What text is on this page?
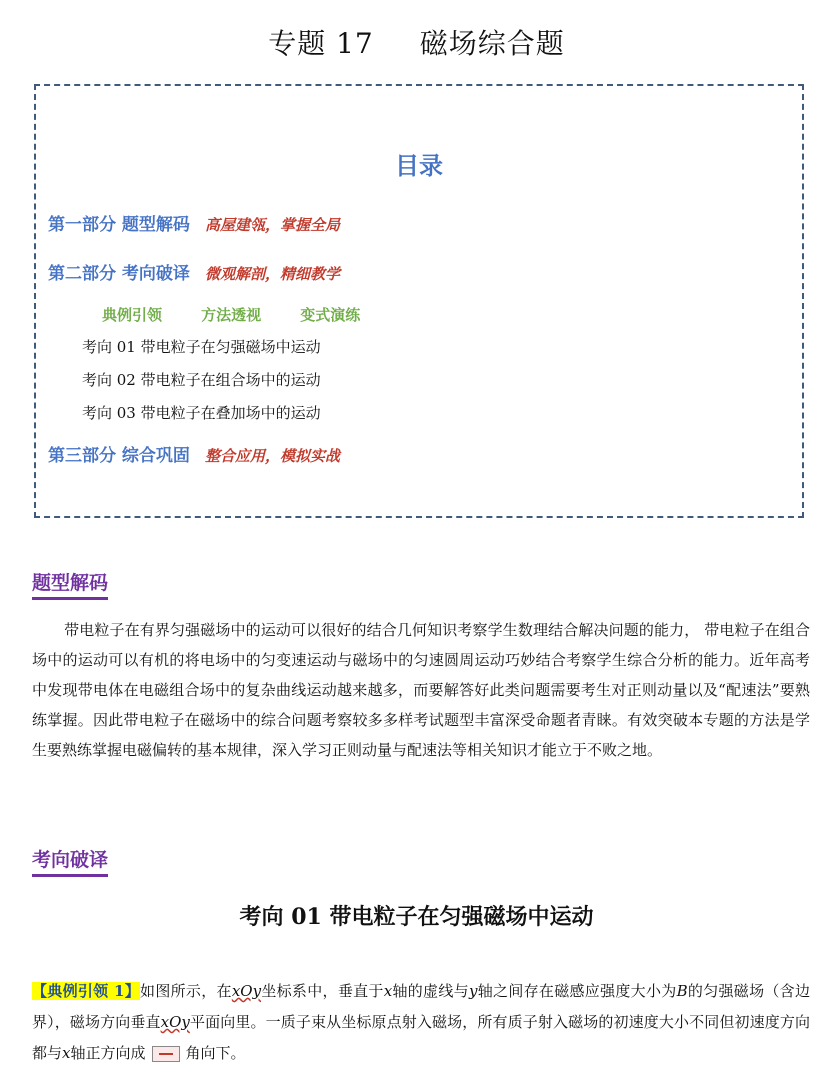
专题 17 磁场综合题
目录
第一部分 题型解码 高屋建瓴，掌握全局
第二部分 考向破译 微观解剖，精细教学
典例引领	方法透视	变式演练
考向 01 带电粒子在匀强磁场中运动
考向 02 带电粒子在组合场中的运动
考向 03 带电粒子在叠加场中的运动
第三部分 综合巩固 整合应用，模拟实战
题型解码
带电粒子在有界匀强磁场中的运动可以很好的结合几何知识考察学生数理结合解决问题的能力， 带电粒子在组合场中的运动可以有机的将电场中的匀变速运动与磁场中的匀速圆周运动巧妙结合考察学生综合分析的能力。近年高考中发现带电体在电磁组合场中的复杂曲线运动越来越多，而要解答好此类问题需要考生对正则动量以及“配速法”要熟练掌握。因此带电粒子在磁场中的综合问题考察较多多样考试题型丰富深受命题者青睐。有效突破本专题的方法是学生要熟练掌握电磁偏转的基本规律，深入学习正则动量与配速法等相关知识才能立于不败之地。
考向破译
考向 01 带电粒子在匀强磁场中运动
【典例引领 1】如图所示，在xOy坐标系中，垂直于x轴的虚线与y轴之间存在磁感应强度大小为B的匀强磁场（含边界），磁场方向垂直xOy平面向里。一质子束从坐标原点射入磁场，所有质子射入磁场的初速度大小不同但初速度方向都与x轴正方向成	角向下。
